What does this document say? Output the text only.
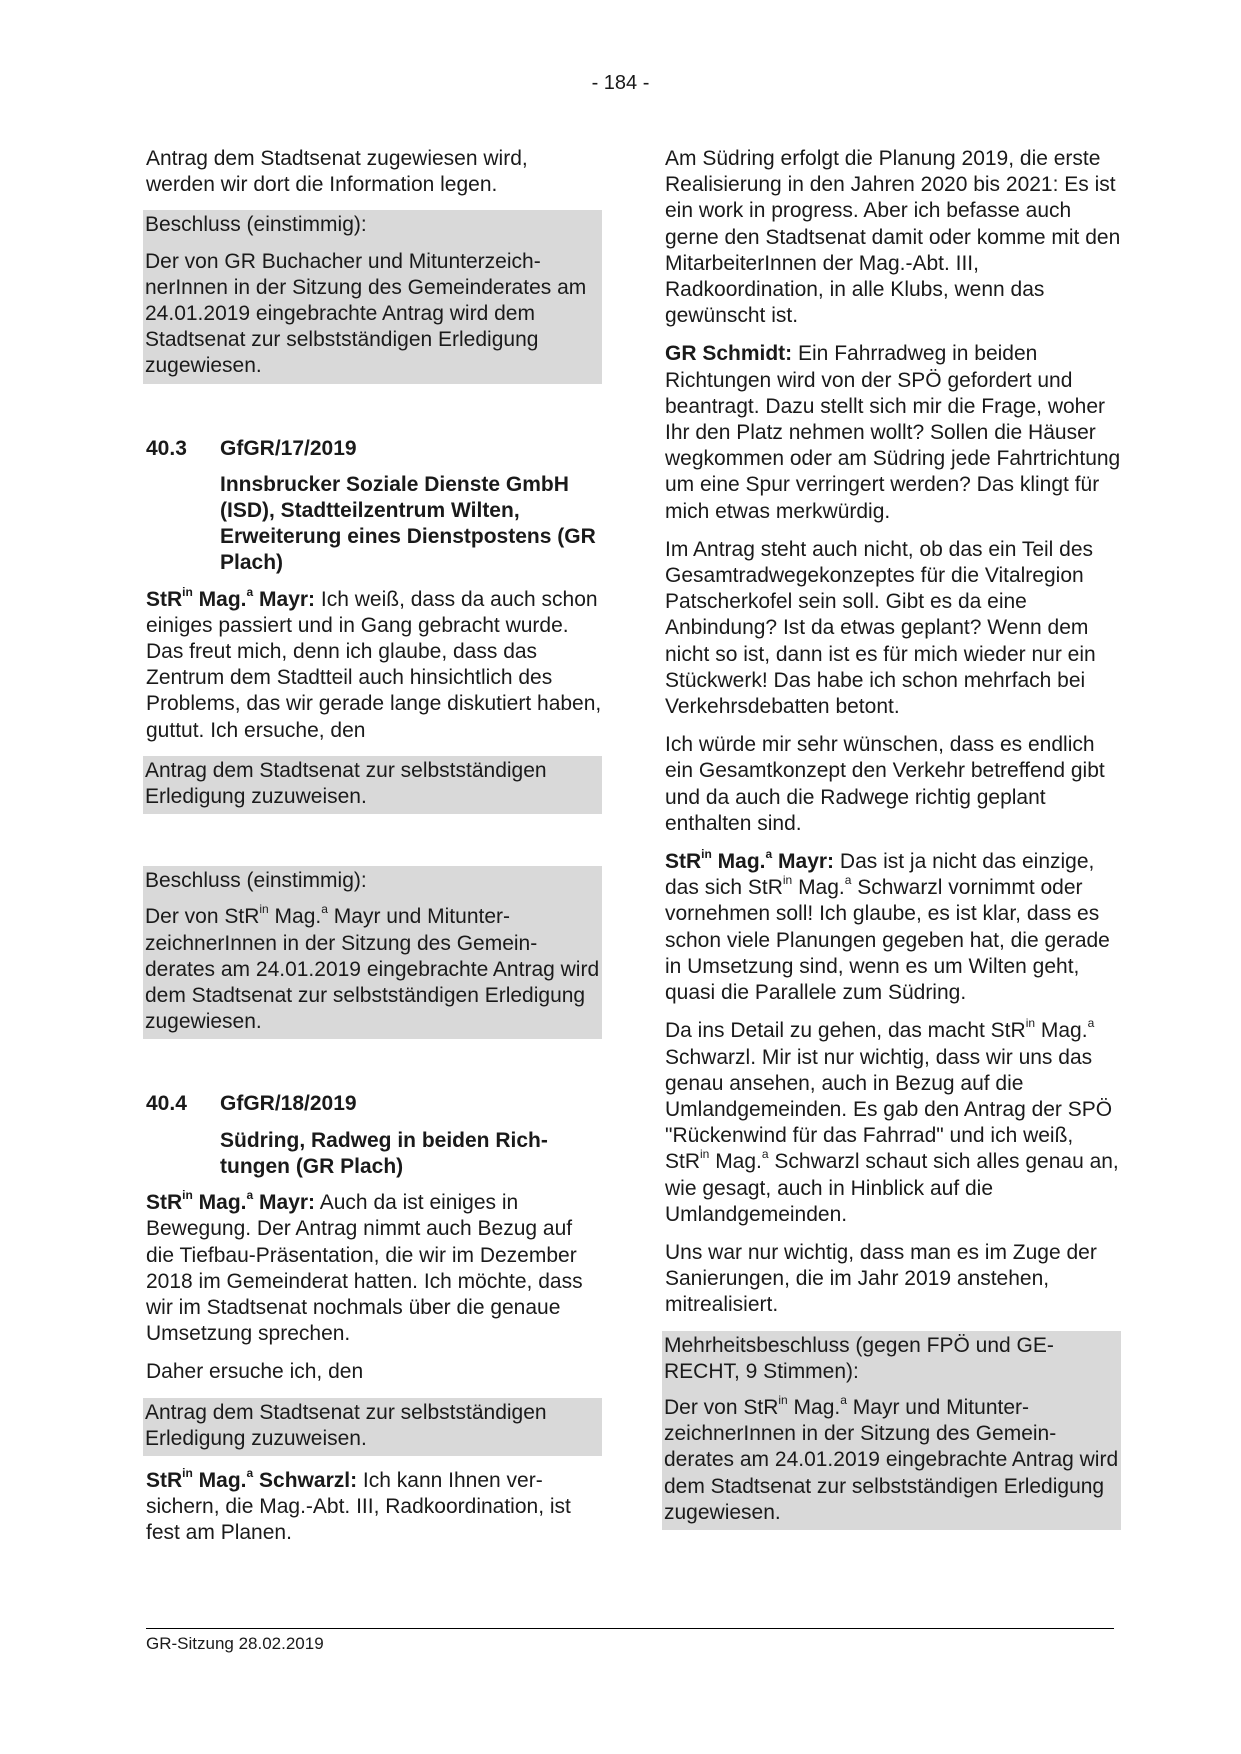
- 184 -

Antrag dem Stadtsenat zugewiesen wird, werden wir dort die Information legen.

Beschluss (einstimmig):

Der von GR Buchacher und MitunterzeichnerInnen in der Sitzung des Gemeinderates am 24.01.2019 eingebrachte Antrag wird dem Stadtsenat zur selbstständigen Erledigung zugewiesen.

40.3	GfGR/17/2019
Innsbrucker Soziale Dienste GmbH (ISD), Stadtteilzentrum Wilten, Erweiterung eines Dienstpostens (GR Plach)

StR$^{in}$ Mag.$^a$ Mayr: Ich weiß, dass da auch schon einiges passiert und in Gang gebracht wurde. Das freut mich, denn ich glaube, dass das Zentrum dem Stadtteil auch hinsichtlich des Problems, das wir gerade lange diskutiert haben, guttut. Ich ersuche, den

Antrag dem Stadtsenat zur selbstständigen Erledigung zuzuweisen.

Beschluss (einstimmig):

Der von StR$^{in}$ Mag.$^a$ Mayr und MitunterzeichnerInnen in der Sitzung des Gemeinderates am 24.01.2019 eingebrachte Antrag wird dem Stadtsenat zur selbstständigen Erledigung zugewiesen.

40.4	GfGR/18/2019
Südring, Radweg in beiden Richtungen (GR Plach)

StR$^{in}$ Mag.$^a$ Mayr: Auch da ist einiges in Bewegung. Der Antrag nimmt auch Bezug auf die Tiefbau-Präsentation, die wir im Dezember 2018 im Gemeinderat hatten. Ich möchte, dass wir im Stadtsenat nochmals über die genaue Umsetzung sprechen.

Daher ersuche ich, den

Antrag dem Stadtsenat zur selbstständigen Erledigung zuzuweisen.

StR$^{in}$ Mag.$^a$ Schwarzl: Ich kann Ihnen versichern, die Mag.-Abt. III, Radkoordination, ist fest am Planen.

Am Südring erfolgt die Planung 2019, die erste Realisierung in den Jahren 2020 bis 2021: Es ist ein work in progress. Aber ich befasse auch gerne den Stadtsenat damit oder komme mit den MitarbeiterInnen der Mag.-Abt. III, Radkoordination, in alle Klubs, wenn das gewünscht ist.

GR Schmidt: Ein Fahrradweg in beiden Richtungen wird von der SPÖ gefordert und beantragt. Dazu stellt sich mir die Frage, woher Ihr den Platz nehmen wollt? Sollen die Häuser wegkommen oder am Südring jede Fahrtrichtung um eine Spur verringert werden? Das klingt für mich etwas merkwürdig.

Im Antrag steht auch nicht, ob das ein Teil des Gesamtradwegekonzeptes für die Vitalregion Patscherkofel sein soll. Gibt es da eine Anbindung? Ist da etwas geplant? Wenn dem nicht so ist, dann ist es für mich wieder nur ein Stückwerk! Das habe ich schon mehrfach bei Verkehrsdebatten betont.

Ich würde mir sehr wünschen, dass es endlich ein Gesamtkonzept den Verkehr betreffend gibt und da auch die Radwege richtig geplant enthalten sind.

StR$^{in}$ Mag.$^a$ Mayr: Das ist ja nicht das einzige, das sich StR$^{in}$ Mag.$^a$ Schwarzl vornimmt oder vornehmen soll! Ich glaube, es ist klar, dass es schon viele Planungen gegeben hat, die gerade in Umsetzung sind, wenn es um Wilten geht, quasi die Parallele zum Südring.

Da ins Detail zu gehen, das macht StR$^{in}$ Mag.$^a$ Schwarzl. Mir ist nur wichtig, dass wir uns das genau ansehen, auch in Bezug auf die Umlandgemeinden. Es gab den Antrag der SPÖ "Rückenwind für das Fahrrad" und ich weiß, StR$^{in}$ Mag.$^a$ Schwarzl schaut sich alles genau an, wie gesagt, auch in Hinblick auf die Umlandgemeinden.

Uns war nur wichtig, dass man es im Zuge der Sanierungen, die im Jahr 2019 anstehen, mitrealisiert.

Mehrheitsbeschluss (gegen FPÖ und GERECHT, 9 Stimmen):

Der von StR$^{in}$ Mag.$^a$ Mayr und MitunterzeichnerInnen in der Sitzung des Gemeinderates am 24.01.2019 eingebrachte Antrag wird dem Stadtsenat zur selbstständigen Erledigung zugewiesen.

GR-Sitzung 28.02.2019
